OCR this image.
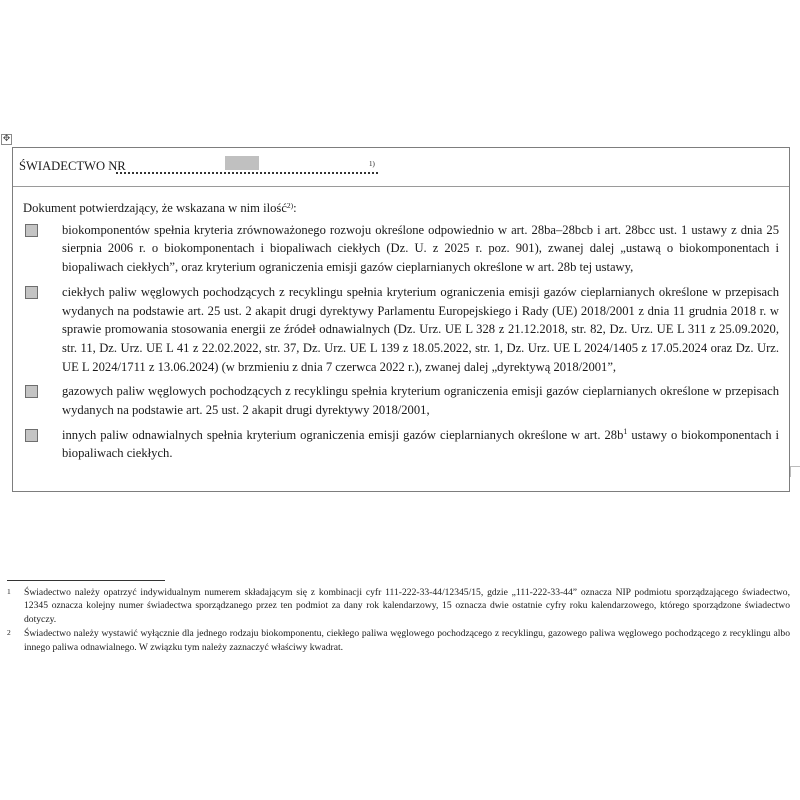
✥
ŚWIADECTWO NR	1)

Dokument potwierdzający, że wskazana w nim ilość$^{2)}$:

biokomponentów spełnia kryteria zrównoważonego rozwoju określone odpowiednio w art. 28ba–28bcb i art. 28bcc ust. 1 ustawy z dnia 25 sierpnia 2006 r. o biokomponentach i biopaliwach ciekłych (Dz. U. z 2025 r. poz. 901), zwanej dalej „ustawą o biokomponentach i biopaliwach ciekłych”, oraz kryterium ograniczenia emisji gazów cieplarnianych określone w art. 28b tej ustawy,

ciekłych paliw węglowych pochodzących z recyklingu spełnia kryterium ograniczenia emisji gazów cieplarnianych określone w przepisach wydanych na podstawie art. 25 ust. 2 akapit drugi dyrektywy Parlamentu Europejskiego i Rady (UE) 2018/2001 z dnia 11 grudnia 2018 r. w sprawie promowania stosowania energii ze źródeł odnawialnych (Dz. Urz. UE L 328 z 21.12.2018, str. 82, Dz. Urz. UE L 311 z 25.09.2020, str. 11, Dz. Urz. UE L 41 z 22.02.2022, str. 37, Dz. Urz. UE L 139 z 18.05.2022, str. 1, Dz. Urz. UE L 2024/1405 z 17.05.2024 oraz Dz. Urz. UE L 2024/1711 z 13.06.2024) (w brzmieniu z dnia 7 czerwca 2022 r.), zwanej dalej „dyrektywą 2018/2001”,

gazowych paliw węglowych pochodzących z recyklingu spełnia kryterium ograniczenia emisji gazów cieplarnianych określone w przepisach wydanych na podstawie art. 25 ust. 2 akapit drugi dyrektywy 2018/2001,

innych paliw odnawialnych spełnia kryterium ograniczenia emisji gazów cieplarnianych określone w art. $28b^1$ ustawy o biokomponentach i biopaliwach ciekłych.

1	Świadectwo należy opatrzyć indywidualnym numerem składającym się z kombinacji cyfr 111-222-33-44/12345/15, gdzie „111-222-33-44” oznacza NIP podmiotu sporządzającego świadectwo, 12345 oznacza kolejny numer świadectwa sporządzanego przez ten podmiot za dany rok kalendarzowy, 15 oznacza dwie ostatnie cyfry roku kalendarzowego, którego sporządzone świadectwo dotyczy.

2	Świadectwo należy wystawić wyłącznie dla jednego rodzaju biokomponentu, ciekłego paliwa węglowego pochodzącego z recyklingu, gazowego paliwa węglowego pochodzącego z recyklingu albo innego paliwa odnawialnego. W związku tym należy zaznaczyć właściwy kwadrat.
